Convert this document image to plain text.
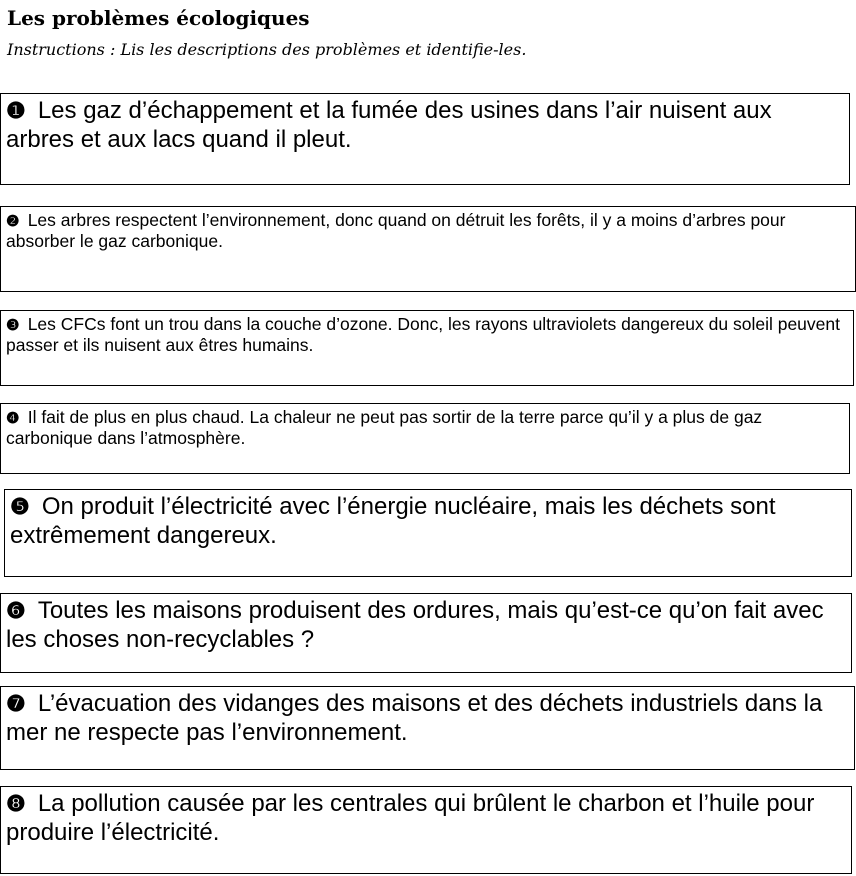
Les problèmes écologiques
Instructions : Lis les descriptions des problèmes et identifie-les.
❶ Les gaz d’échappement et la fumée des usines dans l’air nuisent aux arbres et aux lacs quand il pleut.
❷ Les arbres respectent l’environnement, donc quand on détruit les forêts, il y a moins d’arbres pour absorber le gaz carbonique.
❸ Les CFCs font un trou dans la couche d’ozone. Donc, les rayons ultraviolets dangereux du soleil peuvent passer et ils nuisent aux êtres humains.
❹ Il fait de plus en plus chaud. La chaleur ne peut pas sortir de la terre parce qu’il y a plus de gaz carbonique dans l’atmosphère.
❺ On produit l’électricité avec l’énergie nucléaire, mais les déchets sont extrêmement dangereux.
❻ Toutes les maisons produisent des ordures, mais qu’est-ce qu’on fait avec les choses non-recyclables ?
❼ L’évacuation des vidanges des maisons et des déchets industriels dans la mer ne respecte pas l’environnement.
❽ La pollution causée par les centrales qui brûlent le charbon et l’huile pour produire l’électricité.
